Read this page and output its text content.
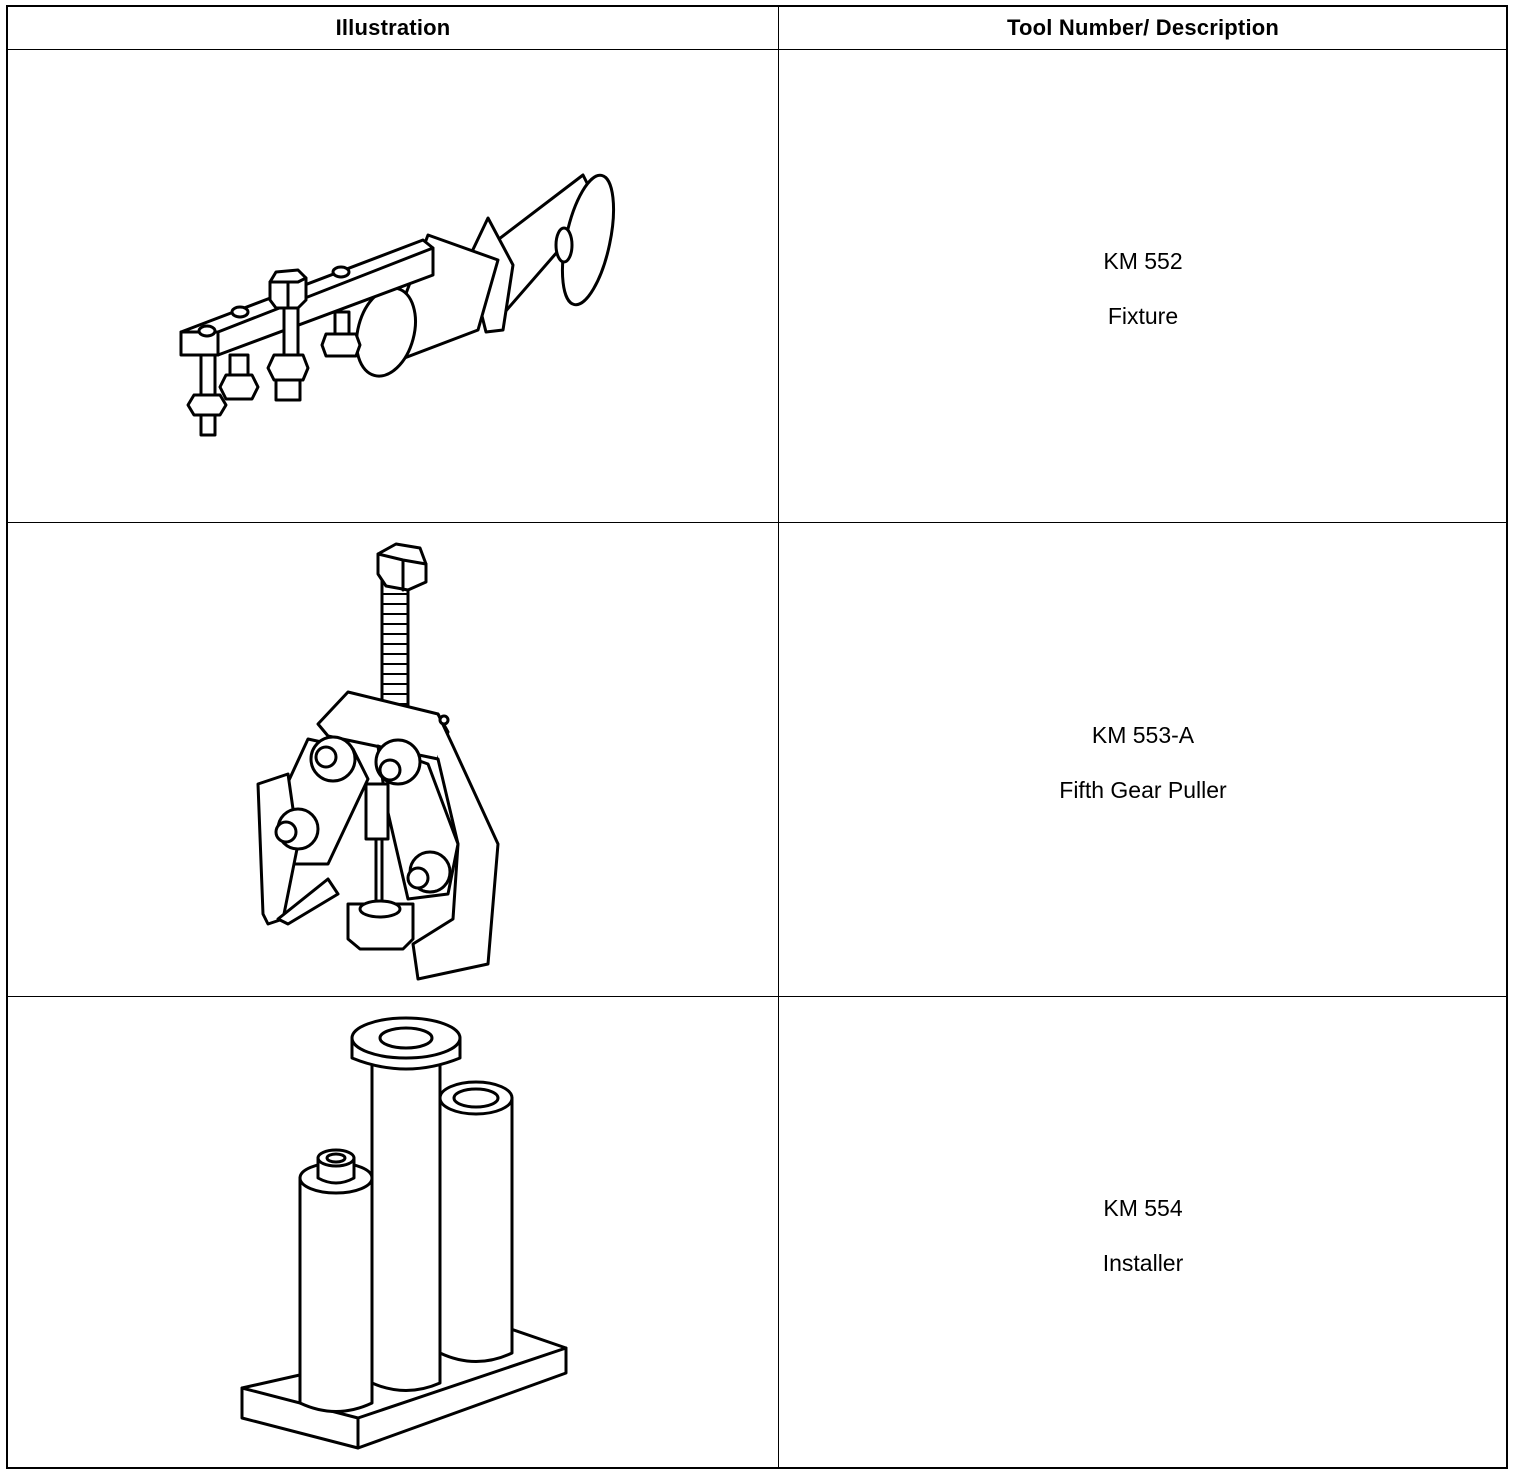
Illustration	Tool Number/ Description
KM 552
Fixture
KM 553-A
Fifth Gear Puller
KM 554
Installer
